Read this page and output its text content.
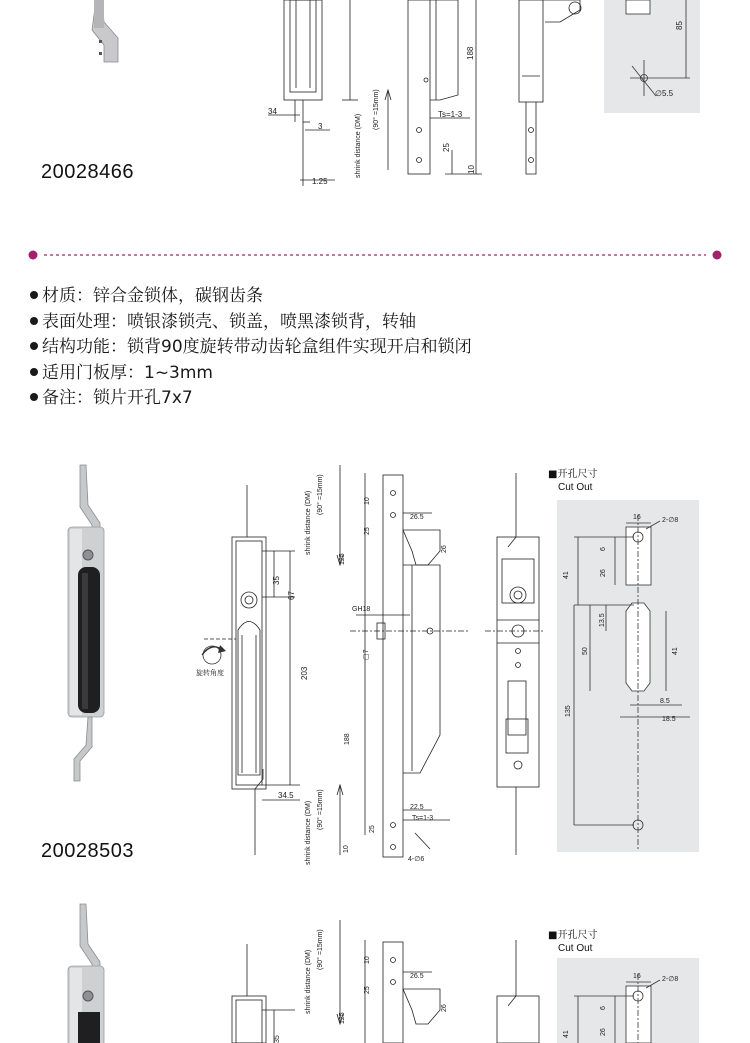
34
3
1.25
(90° =15mm)
shrink distance (DM)
188
Ts=1-3
25
10
85
∅5.5
20028466
材质：锌合金锁体，碳钢齿条
表面处理：喷银漆锁壳、锁盖，喷黑漆锁背，转轴
结构功能：锁背90度旋转带动齿轮盒组件实现开启和锁闭
适用门板厚：1~3mm
备注：锁片开孔7x7
旋转角度
35
67
203
34.5
(90° =15mm)
shrink distance (DM)
(90° =15mm)
shrink distance (DM)
10
25
125
26.5
26
GH18
▢7
188
22.5
Ts=1-3
25
10
4-∅6
■开孔尺寸
Cut Out
16	2-∅8
6
41	26
13.5
50	41
135
8.5
18.5
20028503
(90° =15mm)
shrink distance (DM)	10
25
125
35
26.5
26
■开孔尺寸
Cut Out
16	2-∅8
6
41	26
